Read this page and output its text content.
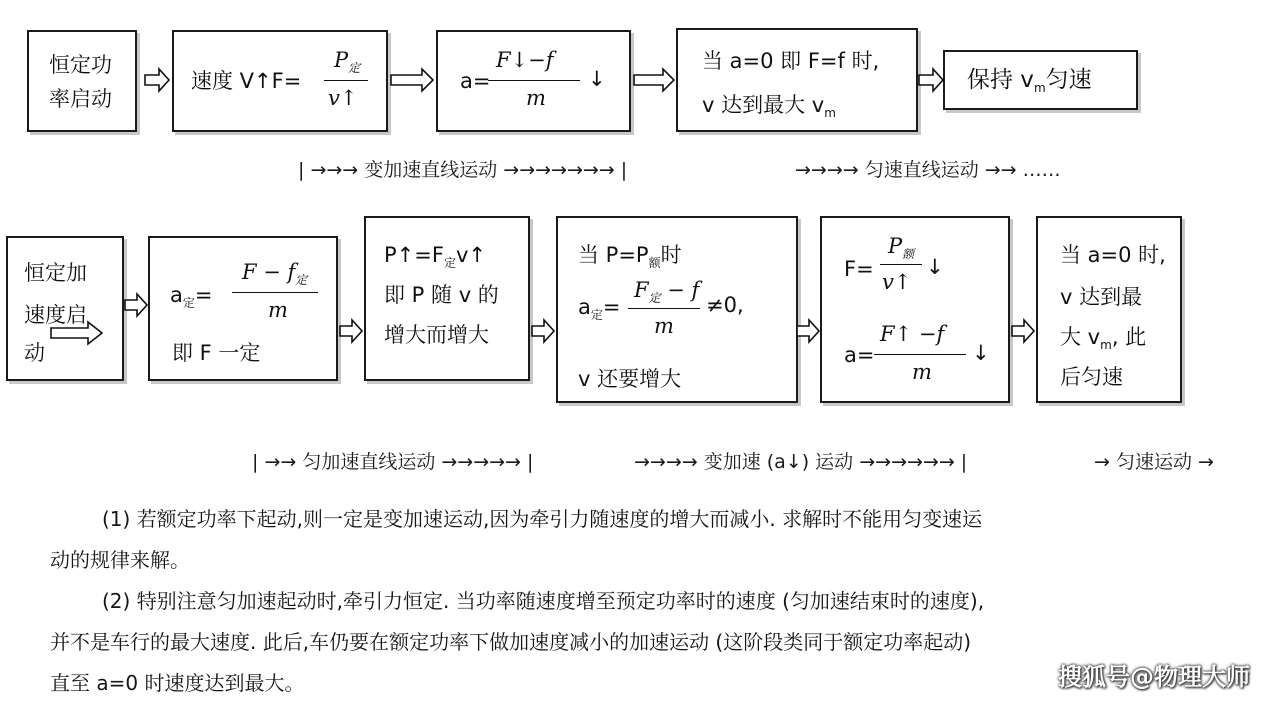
恒定功
率启动
速度 V↑F=
$P_定$
v↑
a=
F↓−f
m
↓
当 a=0 即 F=f 时,
v 达到最大 $v_m$
保持 $v_m$匀速
| →→→ 变加速直线运动 →→→→→→→ |	→→→→ 匀速直线运动 →→ ……
恒定加
速度启
动
$a_定=$
$F - f_定$
m
即 F 一定
$P↑=F_定v↑$
即 P 随 v 的
增大而增大
当 $P=P_额$时
$a_定=$
$F_定 - f$
m
≠0,
v 还要增大
F=
$P_额$
v↑
↓
a=
F↑ −f
m
↓
当 a=0 时,
v 达到最
大 $v_m$, 此
后匀速
| →→ 匀加速直线运动 →→→→→ |	→→→→ 变加速 (a↓) 运动 →→→→→→ |	→ 匀速运动 →
(1) 若额定功率下起动,则一定是变加速运动,因为牵引力随速度的增大而减小. 求解时不能用匀变速运
动的规律来解。
(2) 特别注意匀加速起动时,牵引力恒定. 当功率随速度增至预定功率时的速度 (匀加速结束时的速度),
并不是车行的最大速度. 此后,车仍要在额定功率下做加速度减小的加速运动 (这阶段类同于额定功率起动)
直至 a=0 时速度达到最大。	搜狐号@物理大师
